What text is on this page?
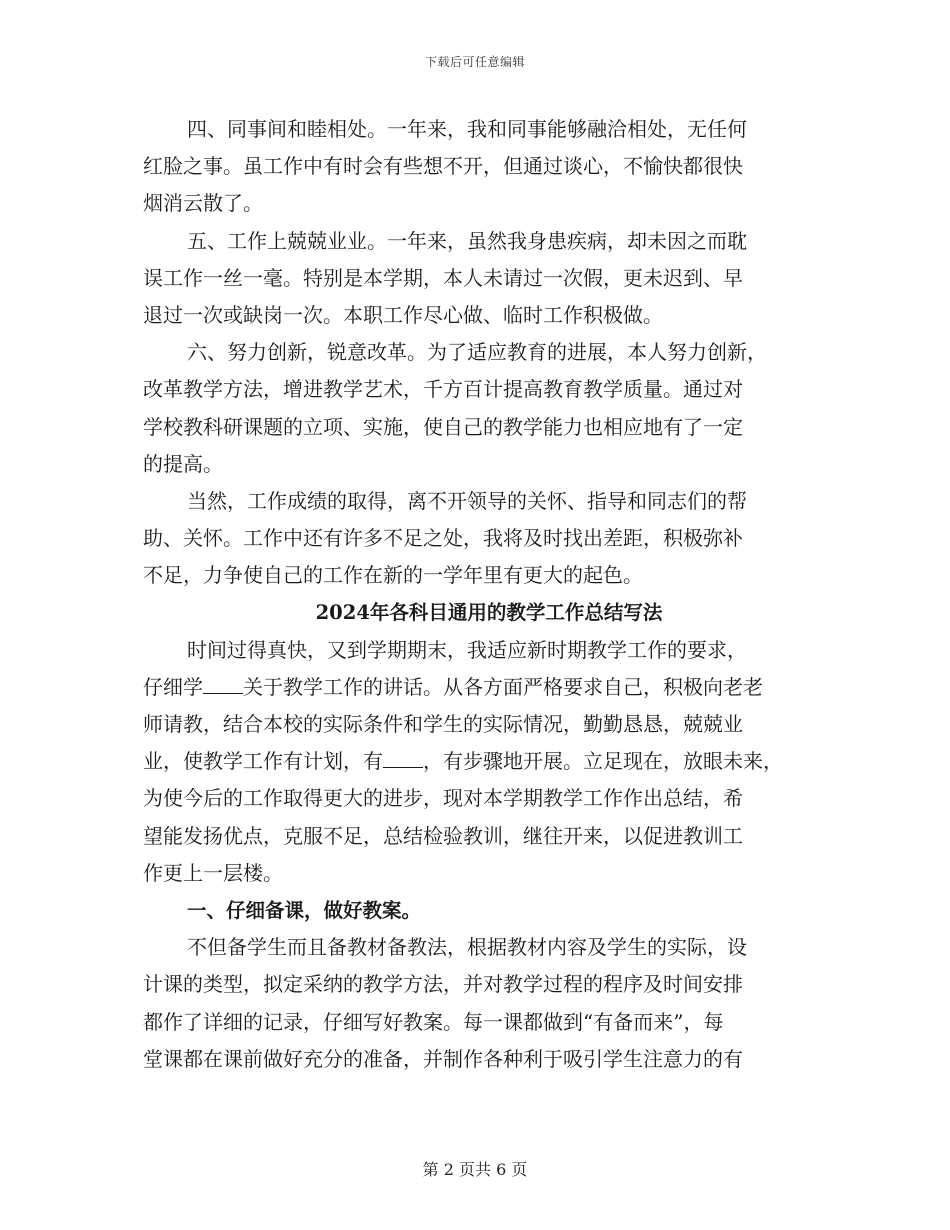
下载后可任意编辑
四、同事间和睦相处。一年来，我和同事能够融洽相处，无任何
红脸之事。虽工作中有时会有些想不开，但通过谈心，不愉快都很快
烟消云散了。
五、工作上兢兢业业。一年来，虽然我身患疾病，却未因之而耽
误工作一丝一毫。特别是本学期，本人未请过一次假，更未迟到、早
退过一次或缺岗一次。本职工作尽心做、临时工作积极做。
六、努力创新，锐意改革。为了适应教育的进展，本人努力创新，
改革教学方法，增进教学艺术，千方百计提高教育教学质量。通过对
学校教科研课题的立项、实施，使自己的教学能力也相应地有了一定
的提高。
当然，工作成绩的取得，离不开领导的关怀、指导和同志们的帮
助、关怀。工作中还有许多不足之处，我将及时找出差距，积极弥补
不足，力争使自己的工作在新的一学年里有更大的起色。
2024年各科目通用的教学工作总结写法
时间过得真快，又到学期期末，我适应新时期教学工作的要求，
仔细学 关于教学工作的讲话。从各方面严格要求自己，积极向老老
师请教，结合本校的实际条件和学生的实际情况，勤勤恳恳，兢兢业
业，使教学工作有计划，有 ，有步骤地开展。立足现在，放眼未来，
为使今后的工作取得更大的进步，现对本学期教学工作作出总结，希
望能发扬优点，克服不足，总结检验教训，继往开来，以促进教训工
作更上一层楼。
一、仔细备课，做好教案。
不但备学生而且备教材备教法，根据教材内容及学生的实际，设
计课的类型，拟定采纳的教学方法，并对教学过程的程序及时间安排
都作了详细的记录，仔细写好教案。每一课都做到“有备而来”，每
堂课都在课前做好充分的准备，并制作各种利于吸引学生注意力的有
第 2 页共 6 页
